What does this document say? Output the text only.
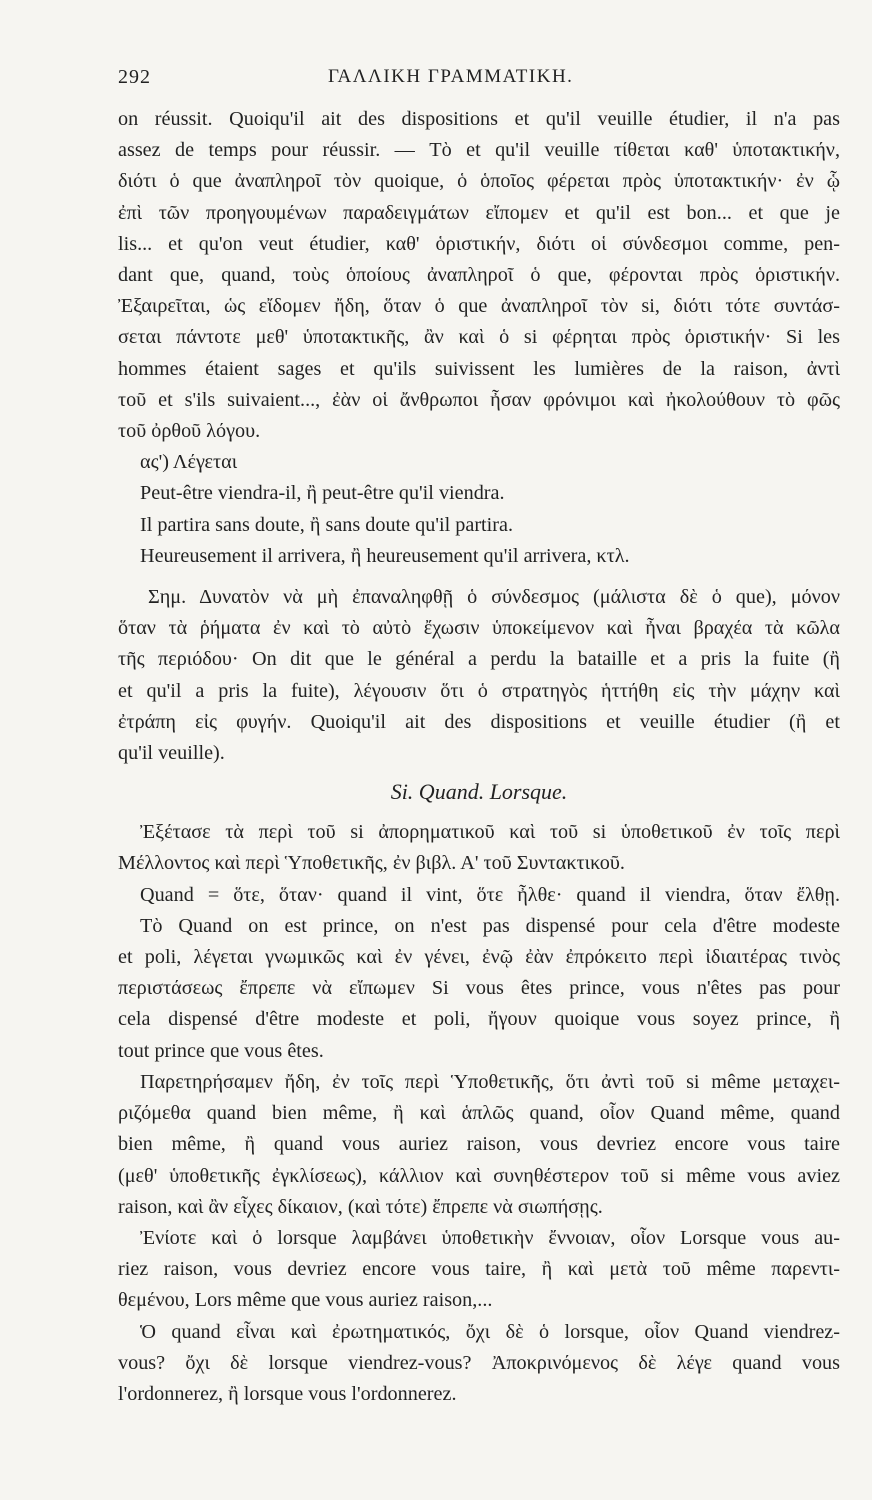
292	ΓΑΛΛΙΚΗ ΓΡΑΜΜΑΤΙΚΗ.
on réussit. Quoiqu'il ait des dispositions et qu'il veuille étudier, il n'a pas
assez de temps pour réussir. — Τὸ et qu'il veuille τίθεται καθ' ὑποτακτικήν,
διότι ὁ que ἀναπληροῖ τὸν quoique, ὁ ὁποῖος φέρεται πρὸς ὑποτακτικήν· ἐν ᾧ
ἐπὶ τῶν προηγουμένων παραδειγμάτων εἴπομεν et qu'il est bon... et que je
lis... et qu'on veut étudier, καθ' ὁριστικήν, διότι οἱ σύνδεσμοι comme, pen-
dant que, quand, τοὺς ὁποίους ἀναπληροῖ ὁ que, φέρονται πρὸς ὁριστικήν.
Ἐξαιρεῖται, ὡς εἴδομεν ἤδη, ὅταν ὁ que ἀναπληροῖ τὸν si, διότι τότε συντάσ-
σεται πάντοτε μεθ' ὑποτακτικῆς, ἂν καὶ ὁ si φέρηται πρὸς ὁριστικήν· Si les
hommes étaient sages et qu'ils suivissent les lumières de la raison, ἀντὶ
τοῦ et s'ils suivaient..., ἐὰν οἱ ἄνθρωποι ἦσαν φρόνιμοι καὶ ἠκολούθουν τὸ φῶς
τοῦ ὀρθοῦ λόγου.
ας') Λέγεται
Peut-être viendra-il, ἢ peut-être qu'il viendra.
Il partira sans doute, ἢ sans doute qu'il partira.
Heureusement il arrivera, ἢ heureusement qu'il arrivera, κτλ.
Σημ. Δυνατὸν νὰ μὴ ἐπαναληφθῇ ὁ σύνδεσμος (μάλιστα δὲ ὁ que), μόνον
ὅταν τὰ ῥήματα ἐν καὶ τὸ αὐτὸ ἔχωσιν ὑποκείμενον καὶ ἦναι βραχέα τὰ κῶλα
τῆς περιόδου· On dit que le général a perdu la bataille et a pris la fuite (ἢ
et qu'il a pris la fuite), λέγουσιν ὅτι ὁ στρατηγὸς ἡττήθη εἰς τὴν μάχην καὶ
ἐτράπη εἰς φυγήν. Quoiqu'il ait des dispositions et veuille étudier (ἢ et
qu'il veuille).
Si. Quand. Lorsque.
Ἐξέτασε τὰ περὶ τοῦ si ἀπορηματικοῦ καὶ τοῦ si ὑποθετικοῦ ἐν τοῖς περὶ
Μέλλοντος καὶ περὶ Ὑποθετικῆς, ἐν βιβλ. Α' τοῦ Συντακτικοῦ.
Quand = ὅτε, ὅταν· quand il vint, ὅτε ἦλθε· quand il viendra, ὅταν ἔλθῃ.
Τὸ Quand on est prince, on n'est pas dispensé pour cela d'être modeste
et poli, λέγεται γνωμικῶς καὶ ἐν γένει, ἐνῷ ἐὰν ἐπρόκειτο περὶ ἰδιαιτέρας τινὸς
περιστάσεως ἔπρεπε νὰ εἴπωμεν Si vous êtes prince, vous n'êtes pas pour
cela dispensé d'être modeste et poli, ἤγουν quoique vous soyez prince, ἢ
tout prince que vous êtes.
Παρετηρήσαμεν ἤδη, ἐν τοῖς περὶ Ὑποθετικῆς, ὅτι ἀντὶ τοῦ si même μεταχει-
ριζόμεθα quand bien même, ἢ καὶ ἁπλῶς quand, οἷον Quand même, quand
bien même, ἢ quand vous auriez raison, vous devriez encore vous taire
(μεθ' ὑποθετικῆς ἐγκλίσεως), κάλλιον καὶ συνηθέστερον τοῦ si même vous aviez
raison, καὶ ἂν εἶχες δίκαιον, (καὶ τότε) ἔπρεπε νὰ σιωπήσῃς.
Ἐνίοτε καὶ ὁ lorsque λαμβάνει ὑποθετικὴν ἔννοιαν, οἷον Lorsque vous au-
riez raison, vous devriez encore vous taire, ἢ καὶ μετὰ τοῦ même παρεντι-
θεμένου, Lors même que vous auriez raison,...
Ὁ quand εἶναι καὶ ἐρωτηματικός, ὄχι δὲ ὁ lorsque, οἷον Quand viendrez-
vous? ὄχι δὲ lorsque viendrez-vous? Ἀποκρινόμενος δὲ λέγε quand vous
l'ordonnerez, ἢ lorsque vous l'ordonnerez.
